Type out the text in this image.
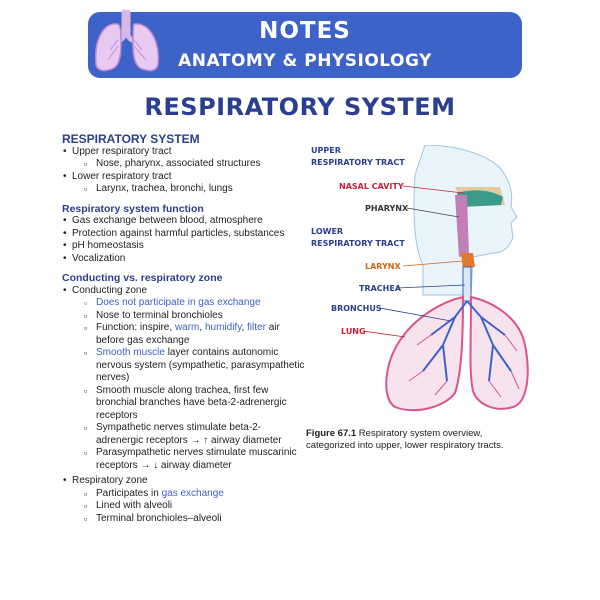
NOTES
ANATOMY & PHYSIOLOGY
RESPIRATORY SYSTEM

RESPIRATORY SYSTEM

• Upper respiratory tract
▫ Nose, pharynx, associated structures
• Lower respiratory tract
▫ Larynx, trachea, bronchi, lungs

Respiratory system function

• Gas exchange between blood, atmosphere
• Protection against harmful particles, substances
• pH homeostasis
• Vocalization

Conducting vs. respiratory zone

• Conducting zone
▫ Does not participate in gas exchange
▫ Nose to terminal bronchioles
▫ Function: inspire, warm, humidify, filter air before gas exchange
▫ Smooth muscle layer contains autonomic nervous system (sympathetic, parasympathetic nerves)
▫ Smooth muscle along trachea, first few bronchial branches have beta-2-adrenergic receptors
▫ Sympathetic nerves stimulate beta-2-adrenergic receptors → ↑ airway diameter
▫ Parasympathetic nerves stimulate muscarinic receptors → ↓ airway diameter
• Respiratory zone
▫ Participates in gas exchange
▫ Lined with alveoli
▫ Terminal bronchioles–alveoli
UPPER
RESPIRATORY TRACT
LOWER
RESPIRATORY TRACT
NASAL CAVITY
PHARYNX
LARYNX
TRACHEA
BRONCHUS
LUNG
Figure 67.1 Respiratory system overview, categorized into upper, lower respiratory tracts.
